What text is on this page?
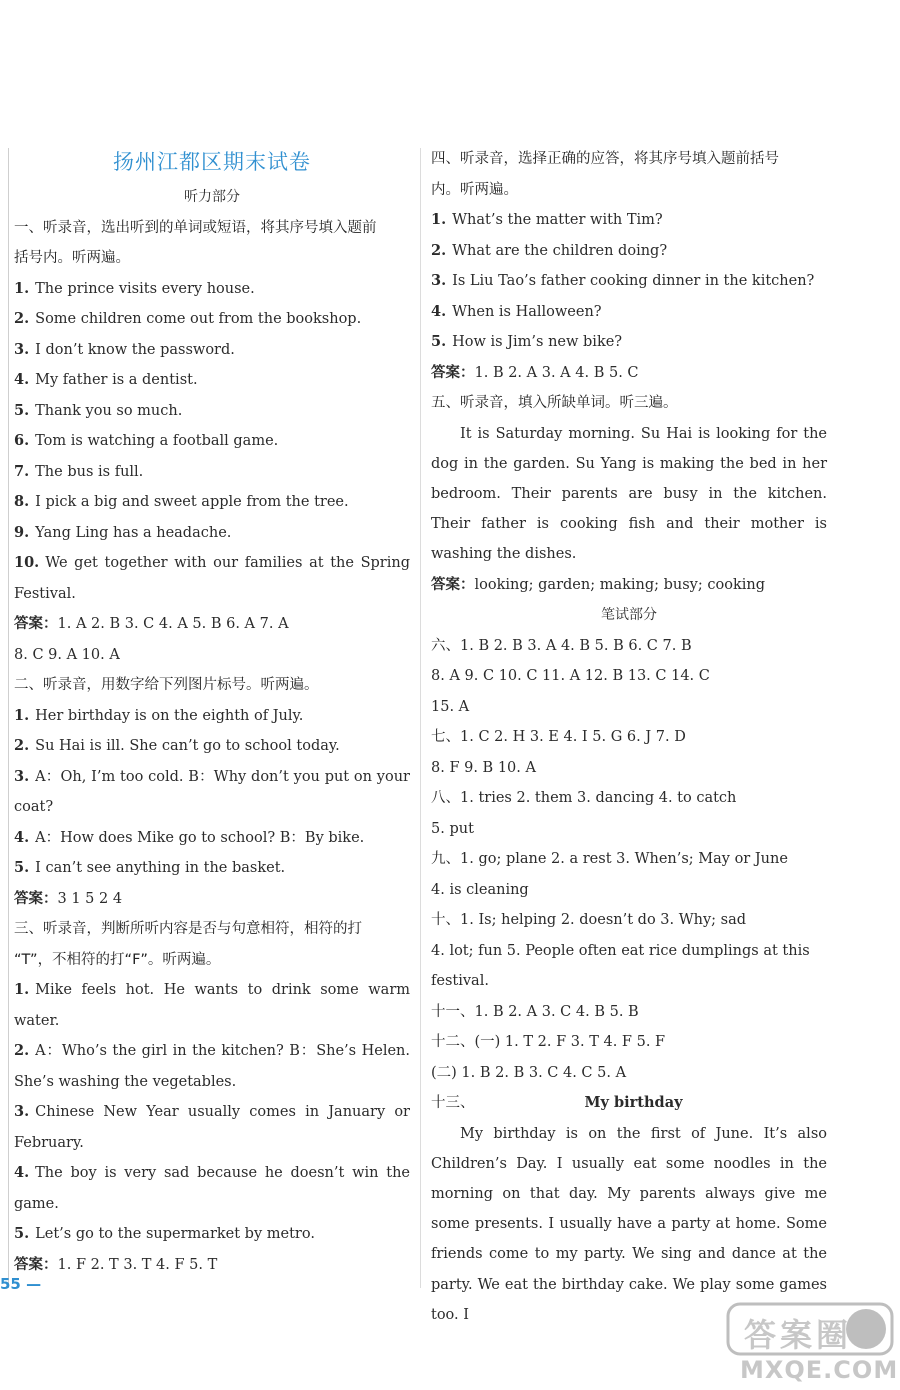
扬州江都区期末试卷
听力部分
一、听录音，选出听到的单词或短语，将其序号填入题前
括号内。听两遍。
1. The prince visits every house.
2. Some children come out from the bookshop.
3. I don’t know the password.
4. My father is a dentist.
5. Thank you so much.
6. Tom is watching a football game.
7. The bus is full.
8. I pick a big and sweet apple from the tree.
9. Yang Ling has a headache.
10. We get together with our families at the Spring Festival.
答案：1. A 2. B 3. C 4. A 5. B 6. A 7. A
8. C 9. A 10. A
二、听录音，用数字给下列图片标号。听两遍。
1. Her birthday is on the eighth of July.
2. Su Hai is ill. She can’t go to school today.
3. A：Oh, I’m too cold. B：Why don’t you put on your coat?
4. A：How does Mike go to school? B：By bike.
5. I can’t see anything in the basket.
答案：3 1 5 2 4
三、听录音，判断所听内容是否与句意相符，相符的打
“T”，不相符的打“F”。听两遍。
1. Mike feels hot. He wants to drink some warm water.
2. A：Who’s the girl in the kitchen? B：She’s Helen. She’s washing the vegetables.
3. Chinese New Year usually comes in January or February.
4. The boy is very sad because he doesn’t win the game.
5. Let’s go to the supermarket by metro.
答案：1. F 2. T 3. T 4. F 5. T
四、听录音，选择正确的应答，将其序号填入题前括号
内。听两遍。
1. What’s the matter with Tim?
2. What are the children doing?
3. Is Liu Tao’s father cooking dinner in the kitchen?
4. When is Halloween?
5. How is Jim’s new bike?
答案：1. B 2. A 3. A 4. B 5. C
五、听录音，填入所缺单词。听三遍。
It is Saturday morning. Su Hai is looking for the dog in the garden. Su Yang is making the bed in her bedroom. Their parents are busy in the kitchen. Their father is cooking fish and their mother is washing the dishes.
答案：looking; garden; making; busy; cooking
笔试部分
六、1. B 2. B 3. A 4. B 5. B 6. C 7. B
8. A 9. C 10. C 11. A 12. B 13. C 14. C
15. A
七、1. C 2. H 3. E 4. I 5. G 6. J 7. D
8. F 9. B 10. A
八、1. tries 2. them 3. dancing 4. to catch
5. put
九、1. go; plane 2. a rest 3. When’s; May or June
4. is cleaning
十、1. Is; helping 2. doesn’t do 3. Why; sad
4. lot; fun 5. People often eat rice dumplings at this
festival.
十一、1. B 2. A 3. C 4. B 5. B
十二、(一) 1. T 2. F 3. T 4. F 5. F
(二) 1. B 2. B 3. C 4. C 5. A
十三、	My birthday
My birthday is on the first of June. It’s also Children’s Day. I usually eat some noodles in the morning on that day. My parents always give me some presents. I usually have a party at home. Some friends come to my party. We sing and dance at the party. We eat the birthday cake. We play some games too. I
55 —
答案圈
MXQE.COM
